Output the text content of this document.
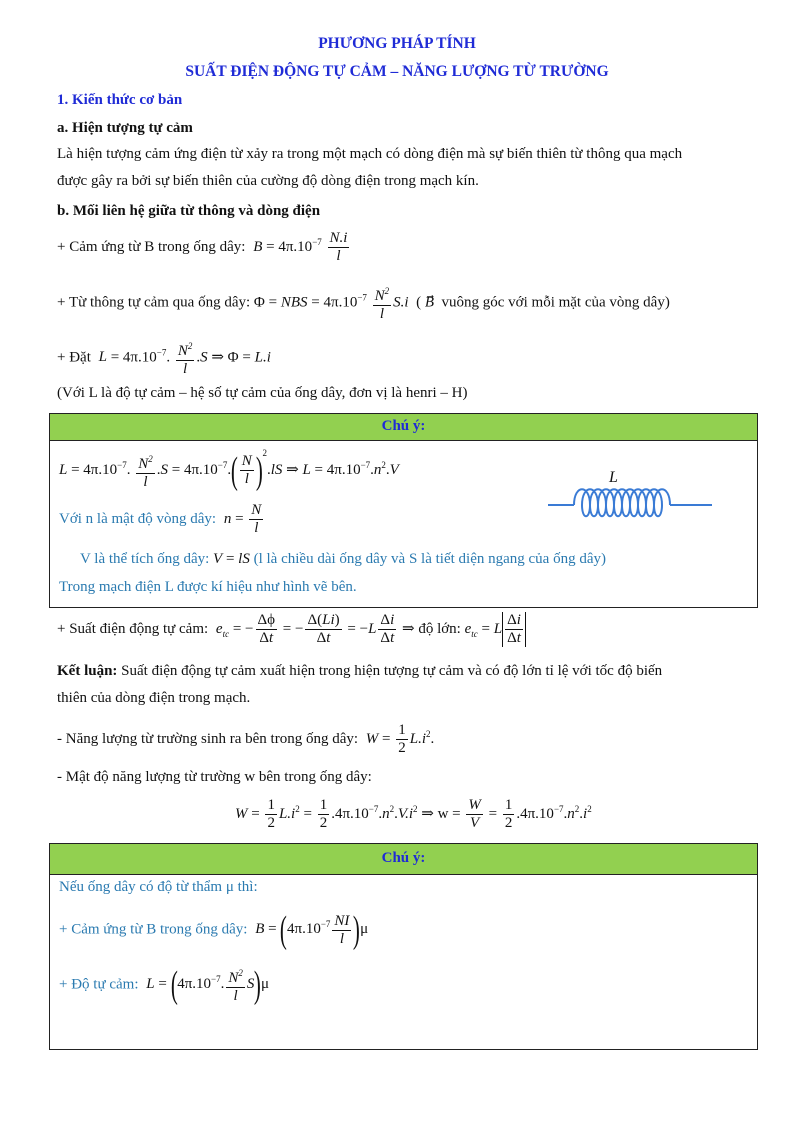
PHƯƠNG PHÁP TÍNH
SUẤT ĐIỆN ĐỘNG TỰ CẢM – NĂNG LƯỢNG TỪ TRƯỜNG
1. Kiến thức cơ bản
a. Hiện tượng tự cảm
Là hiện tượng cảm ứng điện từ xảy ra trong một mạch có dòng điện mà sự biến thiên từ thông qua mạch
được gây ra bởi sự biến thiên của cường độ dòng điện trong mạch kín.
b. Mối liên hệ giữa từ thông và dòng điện
+ Cảm ứng từ B trong ống dây: $B = 4\pi.10^{-7} \frac{N.i}{l}$
+ Từ thông tự cảm qua ống dây: Φ = NBS = $4\pi.10^{-7} \frac{N^2}{l} S.i$  ( B⃗  vuông góc với mỗi mặt của vòng dây)
+ Đặt $L = 4\pi.10^{-7}$. $\frac{N^2}{l} .S$ ⇒ Φ = L.i
(Với L là độ tự cảm – hệ số tự cảm của ống dây, đơn vị là henri – H)
Chú ý:
$L = 4\pi.10^{-7}$. $\frac{N^2}{l} .S = 4\pi.10^{-7}.( \frac{N}{l} )^2.lS$ ⇒ $L = 4\pi.10^{-7}.n^2.V$
Với n là mật độ vòng dây: $n = \frac{N}{l}$
V là thể tích ống dây: V = lS (l là chiều dài ống dây và S là tiết diện ngang của ống dây)
Trong mạch điện L được kí hiệu như hình vẽ bên.
L
+ Suất điện động tự cảm: $e_{tc}$ = − $\frac{\Delta\phi}{\Delta t}$ = − $\frac{\Delta(Li)}{\Delta t} = -L \frac{\Delta i}{\Delta t}$ ⇒ độ lớn: $e_{tc} = L \frac{\Delta i}{\Delta t}$
Kết luận: Suất điện động tự cảm xuất hiện trong hiện tượng tự cảm và có độ lớn tỉ lệ với tốc độ biến
thiên của dòng điện trong mạch.
- Năng lượng từ trường sinh ra bên trong ống dây: $W = \frac{1}{2} L.i^2$.
- Mật độ năng lượng từ trường w bên trong ống dây:
$W = \frac{1}{2} L.i^2 = \frac{1}{2} .4\pi.10^{-7}.n^2.V.i^2$ ⇒ $w = \frac{W}{V} = \frac{1}{2} .4\pi.10^{-7}.n^2.i^2$
Chú ý:
Nếu ống dây có độ từ thẩm μ thì:
+ Cảm ứng từ B trong ống dây: $B = (4\pi.10^{-7} \frac{NI}{l} )\mu$
+ Độ tự cảm: $L = (4\pi.10^{-7}$. $\frac{N^2}{l} S)\mu$
